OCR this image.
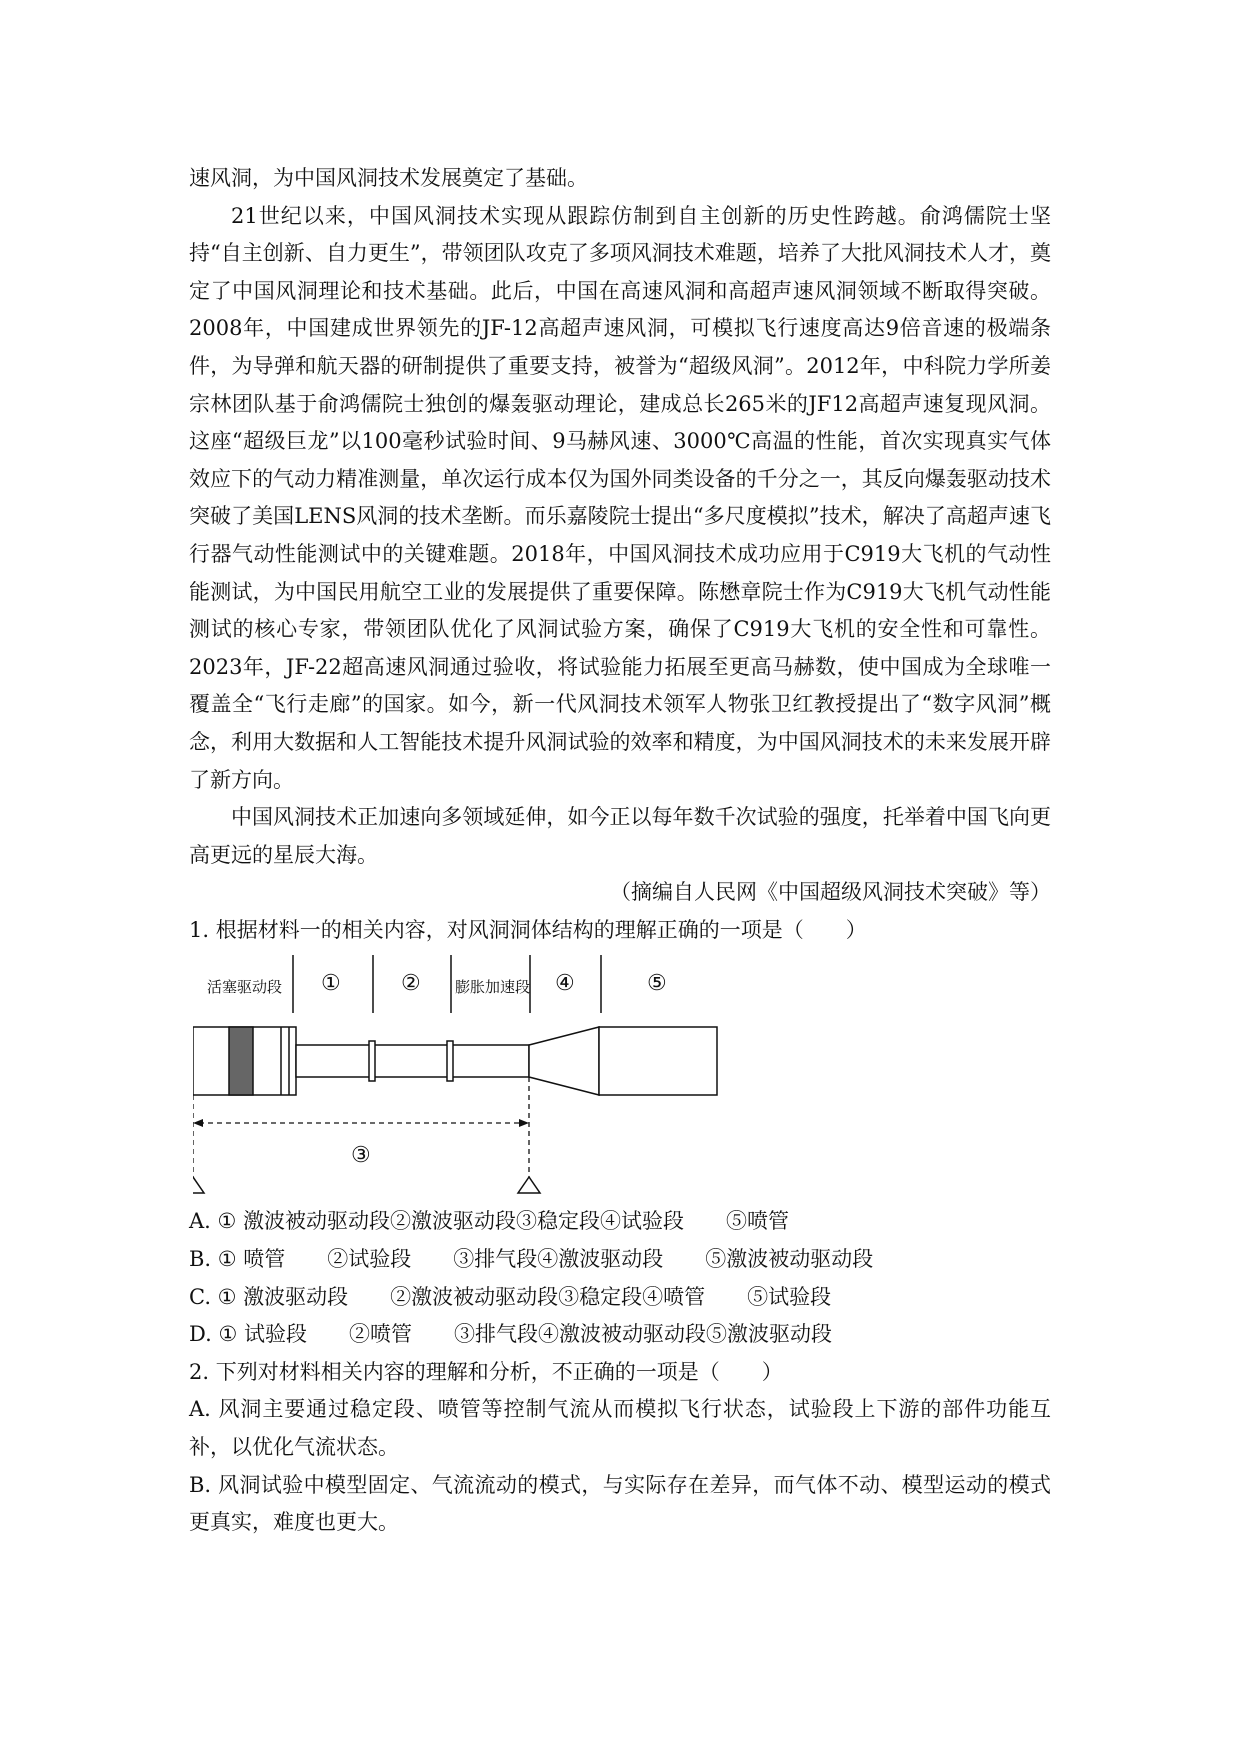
速风洞，为中国风洞技术发展奠定了基础。

21世纪以来，中国风洞技术实现从跟踪仿制到自主创新的历史性跨越。俞鸿儒院士坚持“自主创新、自力更生”，带领团队攻克了多项风洞技术难题，培养了大批风洞技术人才，奠定了中国风洞理论和技术基础。此后，中国在高速风洞和高超声速风洞领域不断取得突破。2008年，中国建成世界领先的JF-12高超声速风洞，可模拟飞行速度高达9倍音速的极端条件，为导弹和航天器的研制提供了重要支持，被誉为“超级风洞”。2012年，中科院力学所姜宗林团队基于俞鸿儒院士独创的爆轰驱动理论，建成总长265米的JF12高超声速复现风洞。这座“超级巨龙”以100毫秒试验时间、9马赫风速、3000℃高温的性能，首次实现真实气体效应下的气动力精准测量，单次运行成本仅为国外同类设备的千分之一，其反向爆轰驱动技术突破了美国LENS风洞的技术垄断。而乐嘉陵院士提出“多尺度模拟”技术，解决了高超声速飞行器气动性能测试中的关键难题。2018年，中国风洞技术成功应用于C919大飞机的气动性能测试，为中国民用航空工业的发展提供了重要保障。陈懋章院士作为C919大飞机气动性能测试的核心专家，带领团队优化了风洞试验方案，确保了C919大飞机的安全性和可靠性。2023年，JF-22超高速风洞通过验收，将试验能力拓展至更高马赫数，使中国成为全球唯一覆盖全“飞行走廊”的国家。如今，新一代风洞技术领军人物张卫红教授提出了“数字风洞”概念，利用大数据和人工智能技术提升风洞试验的效率和精度，为中国风洞技术的未来发展开辟了新方向。

中国风洞技术正加速向多领域延伸，如今正以每年数千次试验的强度，托举着中国飞向更高更远的星辰大海。

（摘编自人民网《中国超级风洞技术突破》等）

1. 根据材料一的相关内容，对风洞洞体结构的理解正确的一项是（　　）

活塞驱动段 ①	② 膨胀加速段 ④	⑤
③

A. ① 激波被动驱动段②激波驱动段③稳定段④试验段　　⑤喷管

B. ① 喷管　　②试验段　　③排气段④激波驱动段　　⑤激波被动驱动段

C. ① 激波驱动段　　②激波被动驱动段③稳定段④喷管　　⑤试验段

D. ① 试验段　　②喷管　　③排气段④激波被动驱动段⑤激波驱动段

2. 下列对材料相关内容的理解和分析，不正确的一项是（　　）

A. 风洞主要通过稳定段、喷管等控制气流从而模拟飞行状态，试验段上下游的部件功能互补，以优化气流状态。

B. 风洞试验中模型固定、气流流动的模式，与实际存在差异，而气体不动、模型运动的模式更真实，难度也更大。
